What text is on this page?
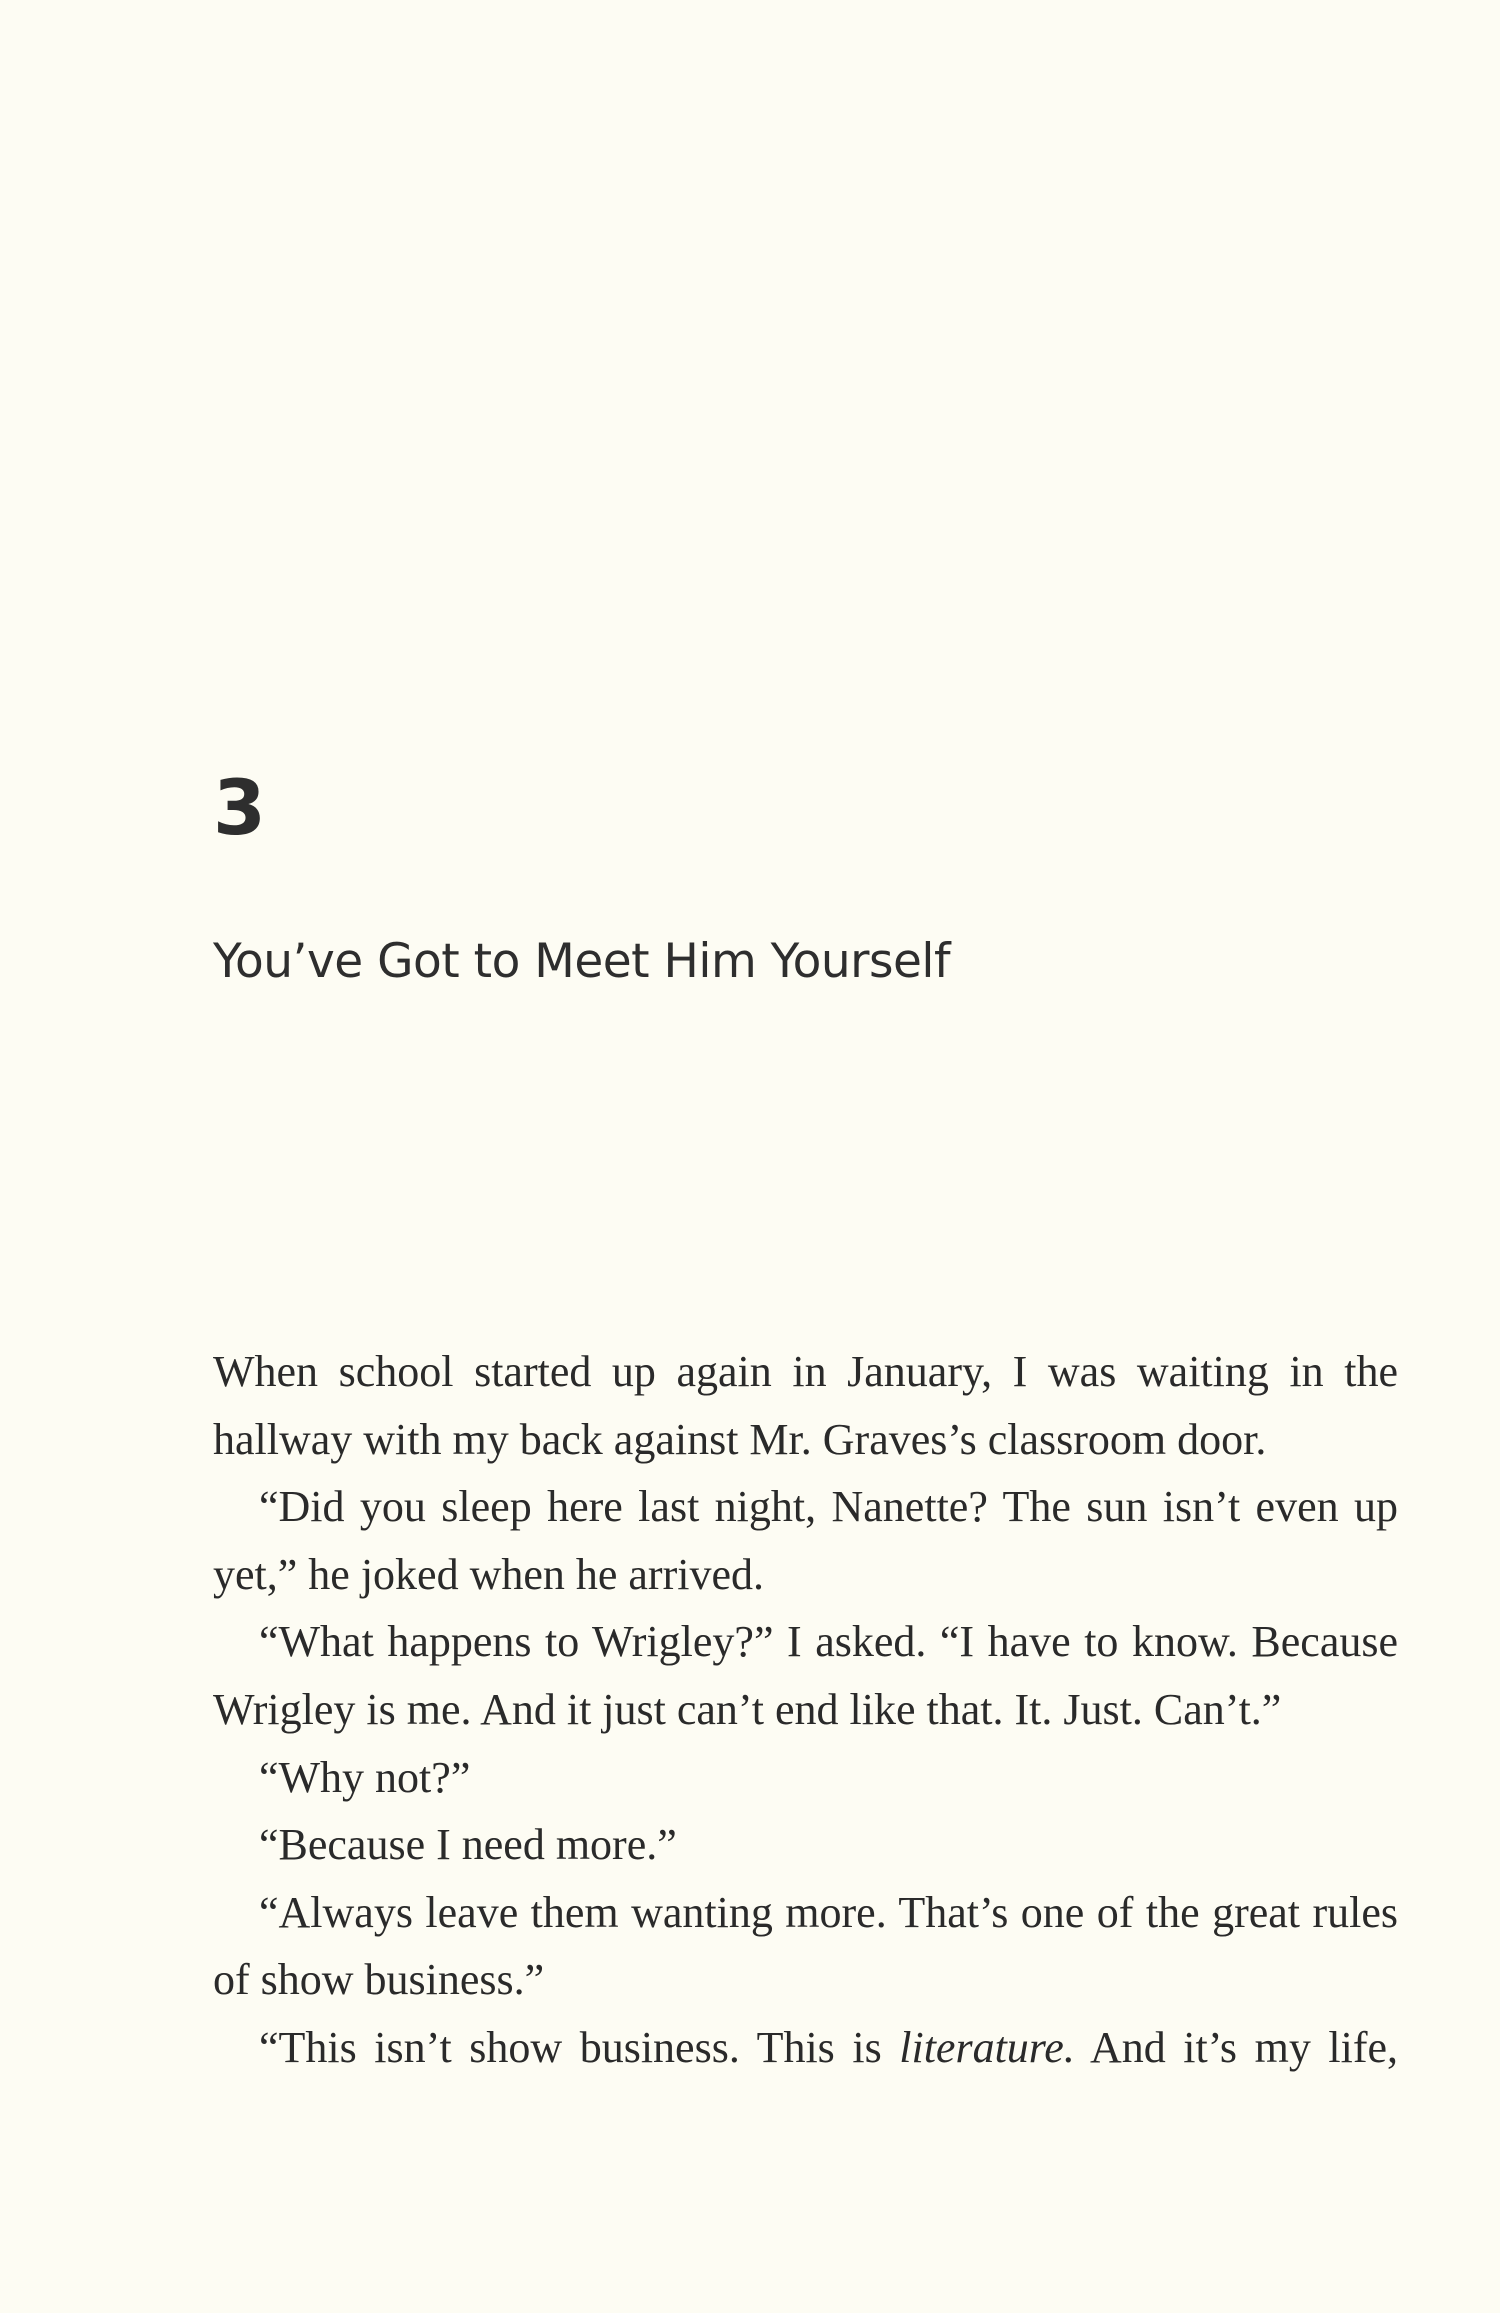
3
You’ve Got to Meet Him Yourself

When school started up again in January, I was waiting in the hallway with my back against Mr. Graves’s classroom door.

“Did you sleep here last night, Nanette? The sun isn’t even up yet,” he joked when he arrived.

“What happens to Wrigley?” I asked. “I have to know. Because Wrigley is me. And it just can’t end like that. It. Just. Can’t.”

“Why not?”

“Because I need more.”

“Always leave them wanting more. That’s one of the great rules of show business.”

“This isn’t show business. This is literature. And it’s my life,
